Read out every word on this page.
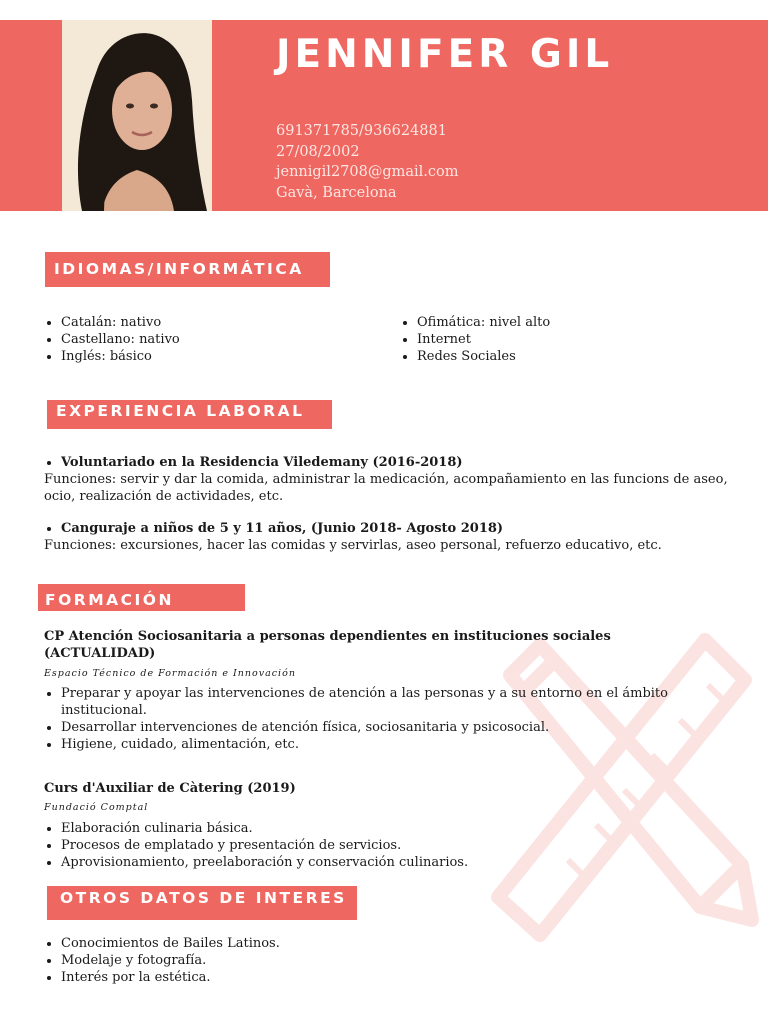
JENNIFER GIL
691371785/936624881
27/08/2002
jennigil2708@gmail.com
Gavà, Barcelona
IDIOMAS/INFORMÁTICA
• Catalán: nativo
• Castellano: nativo
• Inglés: básico
• Ofimática: nivel alto
• Internet
• Redes Sociales
EXPERIENCIA LABORAL
• Voluntariado en la Residencia Viledemany (2016-2018)
Funciones: servir y dar la comida, administrar la medicación, acompañamiento en las funcions de aseo, ocio, realización de actividades, etc.
• Canguraje a niños de 5 y 11 años, (Junio 2018- Agosto 2018)
Funciones: excursiones, hacer las comidas y servirlas, aseo personal, refuerzo educativo, etc.
FORMACIÓN
CP Atención Sociosanitaria a personas dependientes en instituciones sociales (ACTUALIDAD)
Espacio Técnico de Formación e Innovación
• Preparar y apoyar las intervenciones de atención a las personas y a su entorno en el ámbito institucional.
• Desarrollar intervenciones de atención física, sociosanitaria y psicosocial.
• Higiene, cuidado, alimentación, etc.
Curs d'Auxiliar de Càtering (2019)
Fundació Comptal
• Elaboración culinaria básica.
• Procesos de emplatado y presentación de servicios.
• Aprovisionamiento, preelaboración y conservación culinarios.
OTROS DATOS DE INTERES
• Conocimientos de Bailes Latinos.
• Modelaje y fotografía.
• Interés por la estética.
